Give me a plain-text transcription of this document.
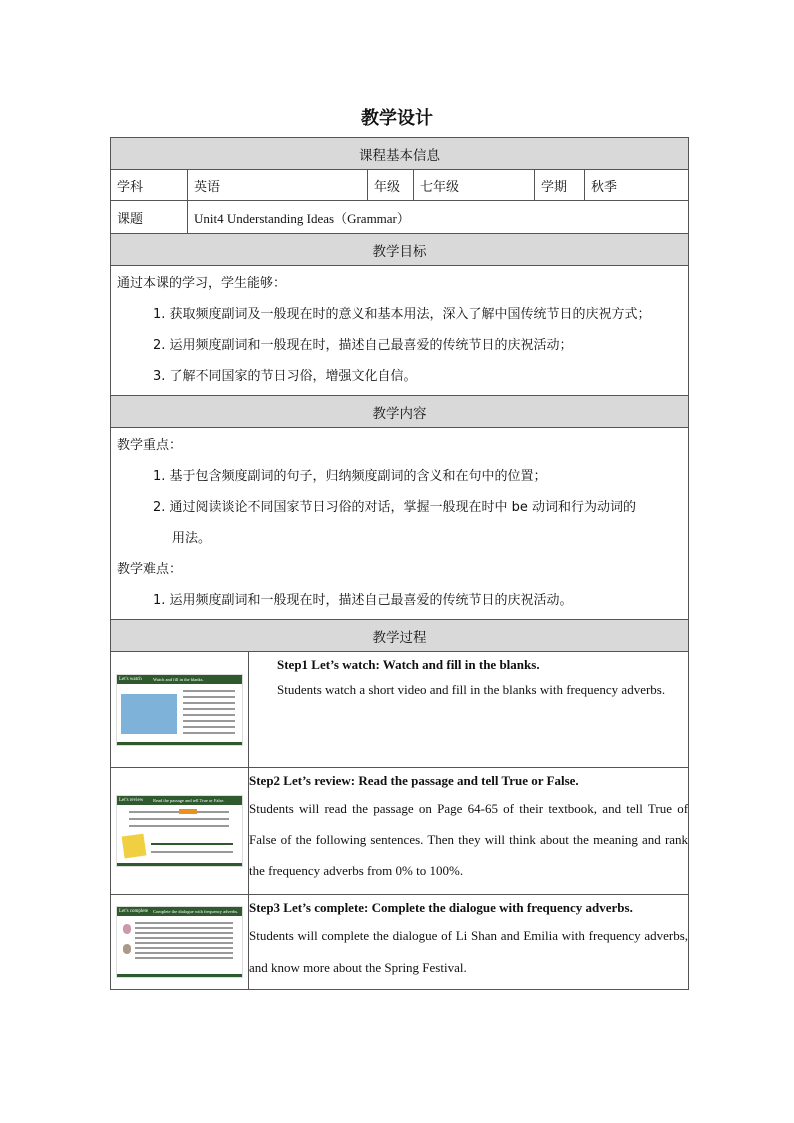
教学设计
课程基本信息
学科	英语	年级	七年级	学期	秋季
课题	Unit4 Understanding Ideas（Grammar）
教学目标

通过本课的学习，学生能够：

1. 获取频度副词及一般现在时的意义和基本用法，深入了解中国传统节日的庆祝方式；

2. 运用频度副词和一般现在时，描述自己最喜爱的传统节日的庆祝活动；

3. 了解不同国家的节日习俗，增强文化自信。

教学内容

教学重点：

1. 基于包含频度副词的句子，归纳频度副词的含义和在句中的位置；

2. 通过阅读谈论不同国家节日习俗的对话，掌握一般现在时中 be 动词和行为动词的

用法。

教学难点：

1. 运用频度副词和一般现在时，描述自己最喜爱的传统节日的庆祝活动。

教学过程

Let's watch	Watch and fill in the blanks.

Step1 Let’s watch: Watch and fill in the blanks.
Students watch a short video and fill in the blanks with frequency adverbs.

Let's review Read the passage and tell True or False.

Step2 Let’s review: Read the passage and tell True or False.
Students will read the passage on Page 64-65 of their textbook, and tell True of False of the following sentences. Then they will think about the meaning and rank the frequency adverbs from 0% to 100%.

Let's complete Complete the dialogue with frequency adverbs.	Step3 Let’s complete: Complete the dialogue with frequency adverbs.
Students will complete the dialogue of Li Shan and Emilia with frequency adverbs, and know more about the Spring Festival.
